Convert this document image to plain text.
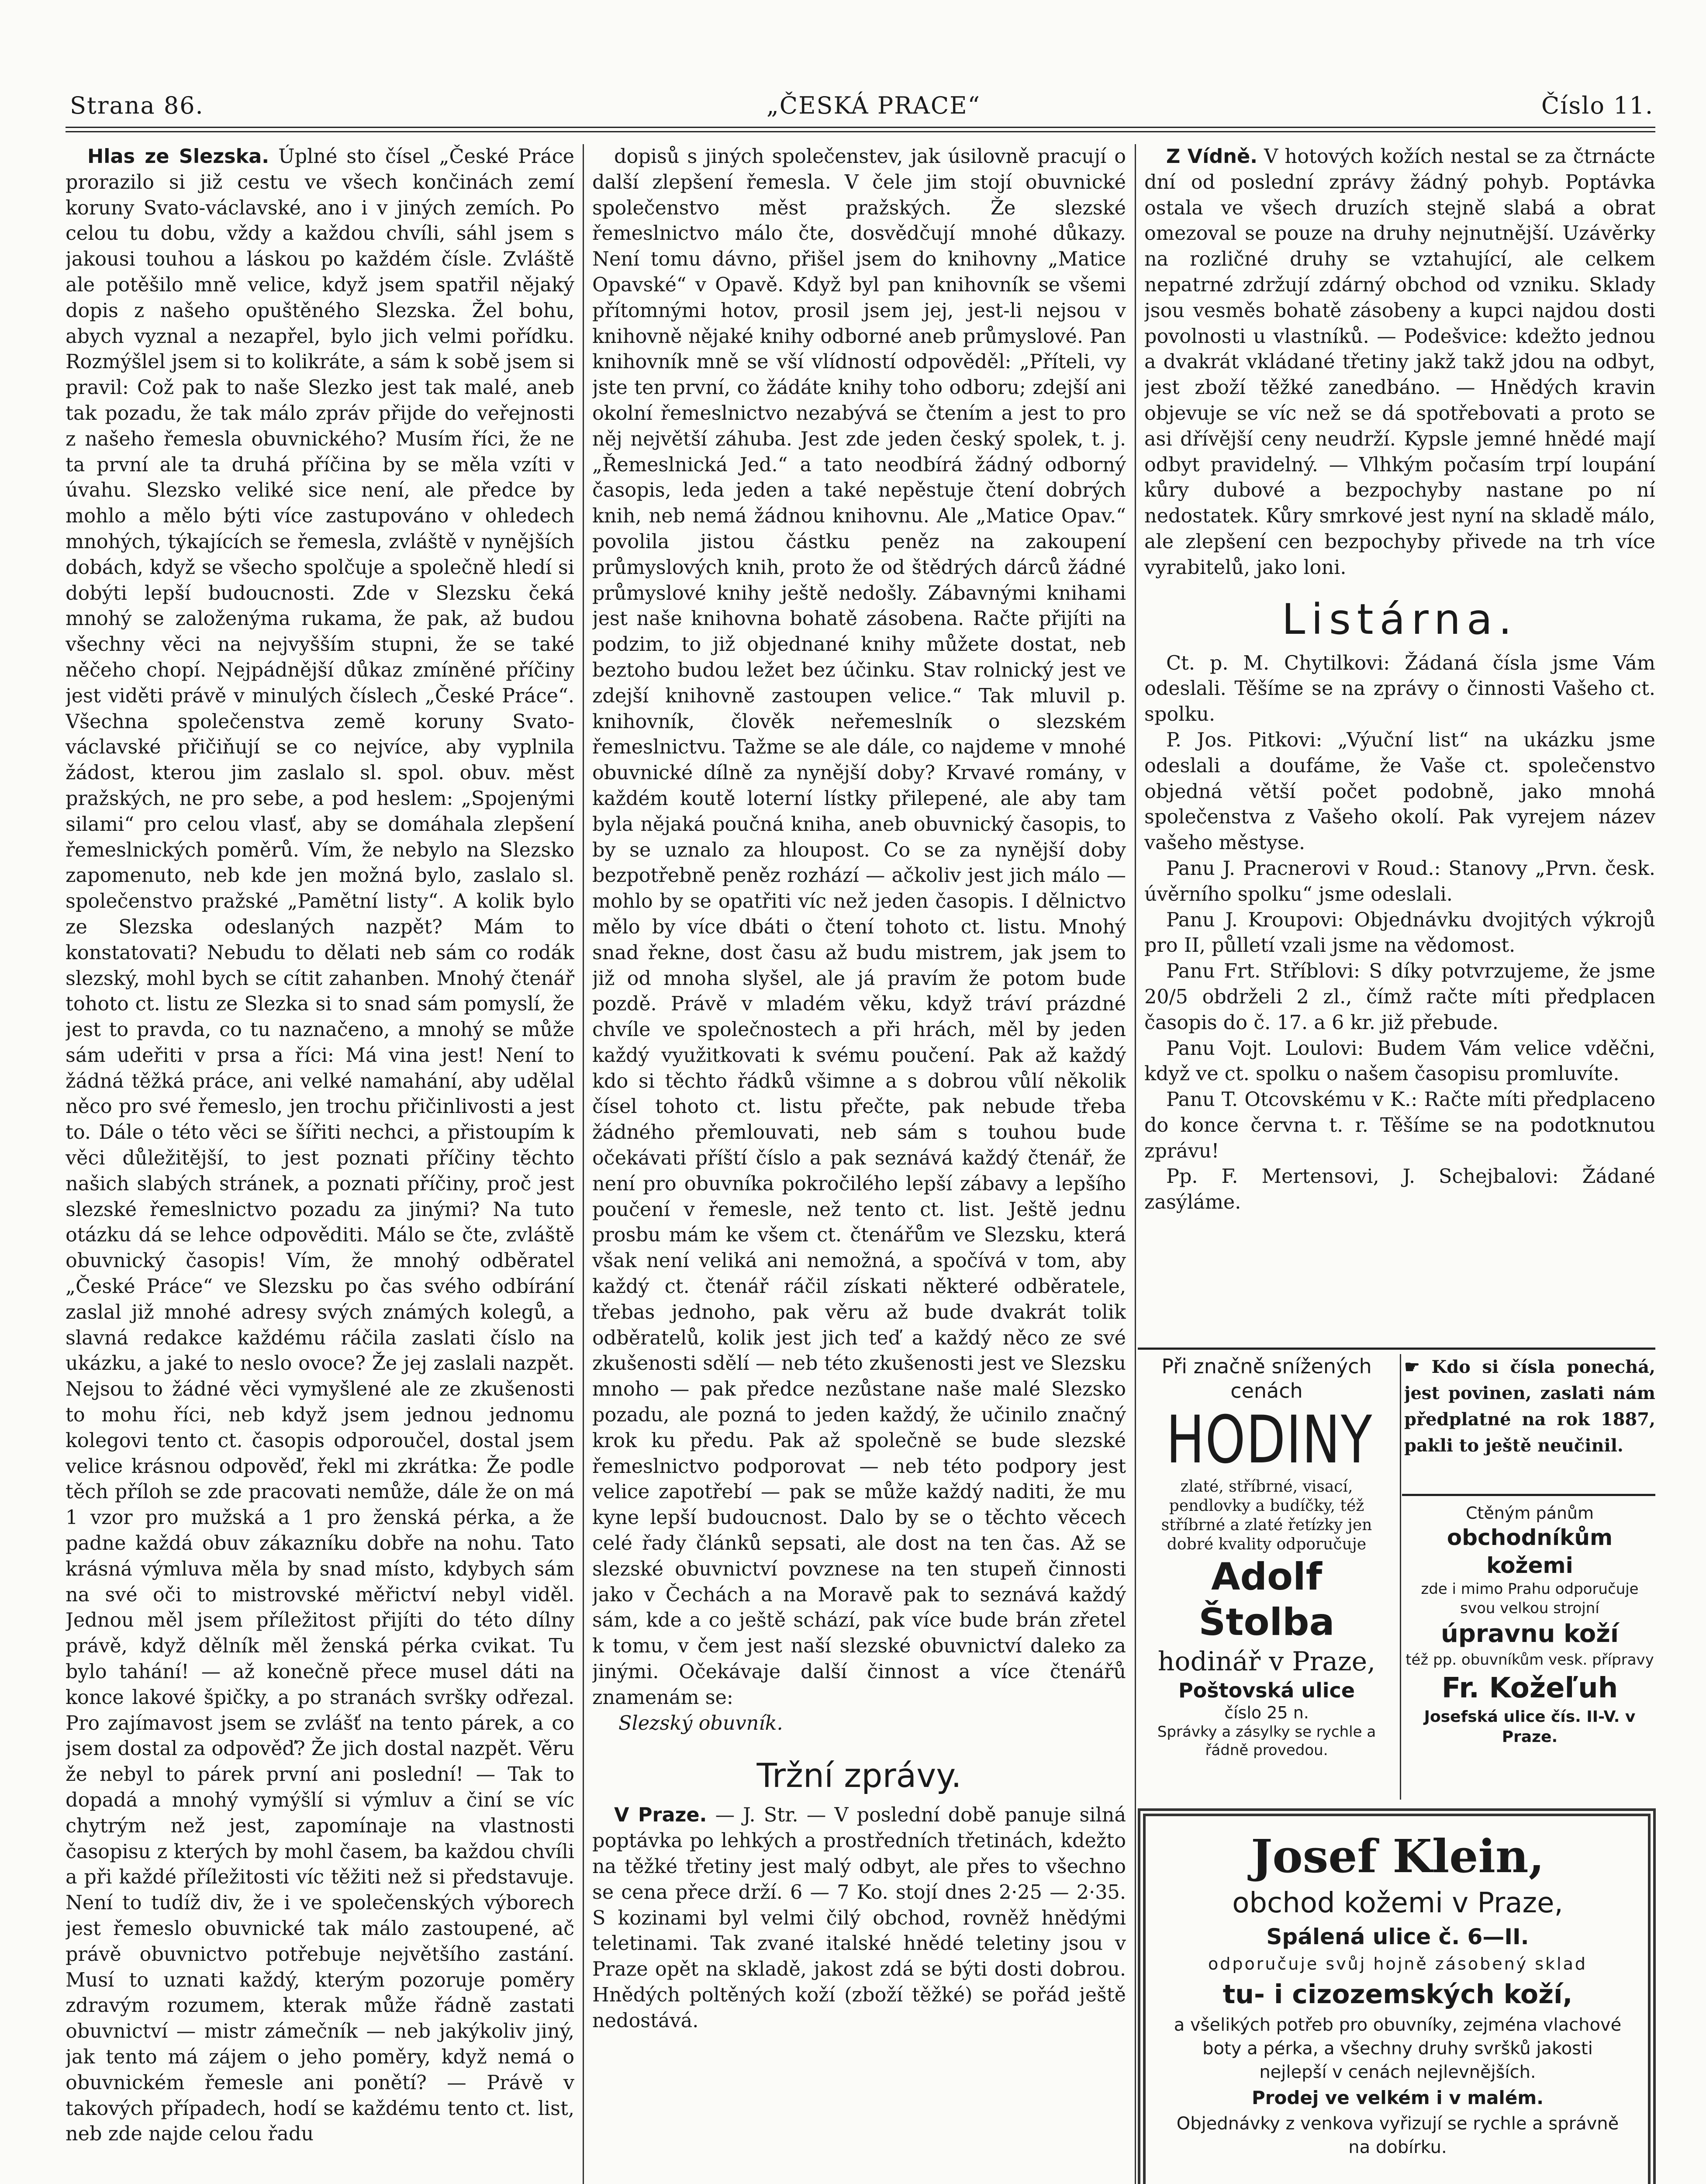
Strana 86.	„ČESKÁ PRACE“	Číslo 11.

Hlas ze Slezska. Úplné sto čísel „České Práce prorazilo si již cestu ve všech končinách zemí koruny Svato-václavské, ano i v jiných zemích. Po celou tu dobu, vždy a každou chvíli, sáhl jsem s jakousi touhou a láskou po každém čísle. Zvláště ale potěšilo mně velice, když jsem spatřil nějaký dopis z našeho opuštěného Slezska. Žel bohu, abych vyznal a nezapřel, bylo jich velmi pořídku. Rozmýšlel jsem si to kolikráte, a sám k sobě jsem si pravil: Což pak to naše Slezko jest tak malé, aneb tak pozadu, že tak málo zpráv přijde do veřejnosti z našeho řemesla obuvnického? Musím říci, že ne ta první ale ta druhá příčina by se měla vzíti v úvahu. Slezsko veliké sice není, ale předce by mohlo a mělo býti více zastupováno v ohledech mnohých, týkajících se řemesla, zvláště v nynějších dobách, když se všecho spolčuje a společně hledí si dobýti lepší budoucnosti. Zde v Slezsku čeká mnohý se založenýma rukama, že pak, až budou všechny věci na nejvyšším stupni, že se také něčeho chopí. Nejpádnější důkaz zmíněné příčiny jest viděti právě v minulých číslech „České Práce“. Všechna společenstva země koruny Svato-václavské přičiňují se co nejvíce, aby vyplnila žádost, kterou jim zaslalo sl. spol. obuv. měst pražských, ne pro sebe, a pod heslem: „Spojenými silami“ pro celou vlasť, aby se domáhala zlepšení řemeslnických poměrů. Vím, že nebylo na Slezsko zapomenuto, neb kde jen možná bylo, zaslalo sl. společenstvo pražské „Pamětní listy“. A kolik bylo ze Slezska odeslaných nazpět? Mám to konstatovati? Nebudu to dělati neb sám co rodák slezský, mohl bych se cítit zahanben. Mnohý čtenář tohoto ct. listu ze Slezka si to snad sám pomyslí, že jest to pravda, co tu naznačeno, a mnohý se může sám udeřiti v prsa a říci: Má vina jest! Není to žádná těžká práce, ani velké namahání, aby udělal něco pro své řemeslo, jen trochu přičinlivosti a jest to. Dále o této věci se šířiti nechci, a přistoupím k věci důležitější, to jest poznati příčiny těchto našich slabých stránek, a poznati příčiny, proč jest slezské řemeslnictvo pozadu za jinými? Na tuto otázku dá se lehce odpověditi. Málo se čte, zvláště obuvnický časopis! Vím, že mnohý odběratel „České Práce“ ve Slezsku po čas svého odbírání zaslal již mnohé adresy svých známých kolegů, a slavná redakce každému ráčila zaslati číslo na ukázku, a jaké to neslo ovoce? Že jej zaslali nazpět. Nejsou to žádné věci vymyšlené ale ze zkušenosti to mohu říci, neb když jsem jednou jednomu kolegovi tento ct. časopis odporoučel, dostal jsem velice krásnou odpověď, řekl mi zkrátka: Že podle těch příloh se zde pracovati nemůže, dále že on má 1 vzor pro mužská a 1 pro ženská pérka, a že padne každá obuv zákazníku dobře na nohu. Tato krásná výmluva měla by snad místo, kdybych sám na své oči to mistrovské měřictví nebyl viděl. Jednou měl jsem příležitost přijíti do této dílny právě, když dělník měl ženská pérka cvikat. Tu bylo tahání! — až konečně přece musel dáti na konce lakové špičky, a po stranách svršky odřezal. Pro zajímavost jsem se zvlášť na tento párek, a co jsem dostal za odpověď? Že jich dostal nazpět. Věru že nebyl to párek první ani poslední! — Tak to dopadá a mnohý vymýšlí si výmluv a činí se víc chytrým než jest, zapomínaje na vlastnosti časopisu z kterých by mohl časem, ba každou chvíli a při každé příležitosti víc těžiti než si představuje. Není to tudíž div, že i ve společenských výborech jest řemeslo obuvnické tak málo zastoupené, ač právě obuvnictvo potřebuje největšího zastání. Musí to uznati každý, kterým pozoruje poměry zdravým rozumem, kterak může řádně zastati obuvnictví — mistr zámečník — neb jakýkoliv jiný, jak tento má zájem o jeho poměry, když nemá o obuvnickém řemesle ani ponětí? — Právě v takových případech, hodí se každému tento ct. list, neb zde najde celou řadu

dopisů s jiných společenstev, jak úsilovně pracují o další zlepšení řemesla. V čele jim stojí obuvnické společenstvo měst pražských. Že slezské řemeslnictvo málo čte, dosvědčují mnohé důkazy. Není tomu dávno, přišel jsem do knihovny „Matice Opavské“ v Opavě. Když byl pan knihovník se všemi přítomnými hotov, prosil jsem jej, jest-li nejsou v knihovně nějaké knihy odborné aneb průmyslové. Pan knihovník mně se vší vlídností odpověděl: „Příteli, vy jste ten první, co žádáte knihy toho odboru; zdejší ani okolní řemeslnictvo nezabývá se čtením a jest to pro něj největší záhuba. Jest zde jeden český spolek, t. j. „Řemeslnická Jed.“ a tato neodbírá žádný odborný časopis, leda jeden a také nepěstuje čtení dobrých knih, neb nemá žádnou knihovnu. Ale „Matice Opav.“ povolila jistou částku peněz na zakoupení průmyslových knih, proto že od štědrých dárců žádné průmyslové knihy ještě nedošly. Zábavnými knihami jest naše knihovna bohatě zásobena. Račte přijíti na podzim, to již objednané knihy můžete dostat, neb beztoho budou ležet bez účinku. Stav rolnický jest ve zdejší knihovně zastoupen velice.“ Tak mluvil p. knihovník, člověk neřemeslník o slezském řemeslnictvu. Tažme se ale dále, co najdeme v mnohé obuvnické dílně za nynější doby? Krvavé romány, v každém koutě loterní lístky přilepené, ale aby tam byla nějaká poučná kniha, aneb obuvnický časopis, to by se uznalo za hloupost. Co se za nynější doby bezpotřebně peněz rozhází — ačkoliv jest jich málo — mohlo by se opatřiti víc než jeden časopis. I dělnictvo mělo by více dbáti o čtení tohoto ct. listu. Mnohý snad řekne, dost času až budu mistrem, jak jsem to již od mnoha slyšel, ale já pravím že potom bude pozdě. Právě v mladém věku, když tráví prázdné chvíle ve společnostech a při hrách, měl by jeden každý využitkovati k svému poučení. Pak až každý kdo si těchto řádků všimne a s dobrou vůlí několik čísel tohoto ct. listu přečte, pak nebude třeba žádného přemlouvati, neb sám s touhou bude očekávati příští číslo a pak seznává každý čtenář, že není pro obuvníka pokročilého lepší zábavy a lepšího poučení v řemesle, než tento ct. list. Ještě jednu prosbu mám ke všem ct. čtenářům ve Slezsku, která však není veliká ani nemožná, a spočívá v tom, aby každý ct. čtenář ráčil získati některé odběratele, třebas jednoho, pak věru až bude dvakrát tolik odběratelů, kolik jest jich teď a každý něco ze své zkušenosti sdělí — neb této zkušenosti jest ve Slezsku mnoho — pak předce nezůstane naše malé Slezsko pozadu, ale pozná to jeden každý, že učinilo značný krok ku předu. Pak až společně se bude slezské řemeslnictvo podporovat — neb této podpory jest velice zapotřebí — pak se může každý naditi, že mu kyne lepší budoucnost. Dalo by se o těchto věcech celé řady článků sepsati, ale dost na ten čas. Až se slezské obuvnictví povznese na ten stupeň činnosti jako v Čechách a na Moravě pak to seznává každý sám, kde a co ještě schází, pak více bude brán zřetel k tomu, v čem jest naší slezské obuvnictví daleko za jinými. Očekávaje další činnost a více čtenářů znamenám se:

Slezský obuvník.
Tržní zprávy.

V Praze. — J. Str. — V poslední době panuje silná poptávka po lehkých a prostředních třetinách, kdežto na těžké třetiny jest malý odbyt, ale přes to všechno se cena přece drží. 6 — 7 Ko. stojí dnes 2·25 — 2·35. S kozinami byl velmi čilý obchod, rovněž hnědými teletinami. Tak zvané italské hnědé teletiny jsou v Praze opět na skladě, jakost zdá se býti dosti dobrou. Hnědých poltěných koží (zboží těžké) se pořád ještě nedostává.

Z Vídně. V hotových kožích nestal se za čtrnácte dní od poslední zprávy žádný pohyb. Poptávka ostala ve všech druzích stejně slabá a obrat omezoval se pouze na druhy nejnutnější. Uzávěrky na rozličné druhy se vztahující, ale celkem nepatrné zdržují zdárný obchod od vzniku. Sklady jsou vesměs bohatě zásobeny a kupci najdou dosti povolnosti u vlastníků. — Podešvice: kdežto jednou a dvakrát vkládané třetiny jakž takž jdou na odbyt, jest zboží těžké zanedbáno. — Hnědých kravin objevuje se víc než se dá spotřebovati a proto se asi dřívější ceny neudrží. Kypsle jemné hnědé mají odbyt pravidelný. — Vlhkým počasím trpí loupání kůry dubové a bezpochyby nastane po ní nedostatek. Kůry smrkové jest nyní na skladě málo, ale zlepšení cen bezpochyby přivede na trh více vyrabitelů, jako loni.

Listárna.

Ct. p. M. Chytilkovi: Žádaná čísla jsme Vám odeslali. Těšíme se na zprávy o činnosti Vašeho ct. spolku.

P. Jos. Pitkovi: „Výuční list“ na ukázku jsme odeslali a doufáme, že Vaše ct. společenstvo objedná větší počet podobně, jako mnohá společenstva z Vašeho okolí. Pak vyrejem název vašeho městyse.

Panu J. Pracnerovi v Roud.: Stanovy „Prvn. česk. úvěrního spolku“ jsme odeslali.

Panu J. Kroupovi: Objednávku dvojitých výkrojů pro II, půlletí vzali jsme na vědomost.

Panu Frt. Stříblovi: S díky potvrzujeme, že jsme 20/5 obdrželi 2 zl., čímž račte míti předplacen časopis do č. 17. a 6 kr. již přebude.

Panu Vojt. Loulovi: Budem Vám velice vděčni, když ve ct. spolku o našem časopisu promluvíte.

Panu T. Otcovskému v K.: Račte míti předplaceno do konce června t. r. Těšíme se na podotknutou zprávu!

Pp. F. Mertensovi, J. Schejbalovi: Žádané zasýláme.

Při značně snížených cenách
HODINY
zlaté, stříbrné, visací, pendlovky a budíčky, též stříbrné a zlaté řetízky jen dobré kvality odporučuje
Adolf Štolba
hodinář v Praze,
Poštovská ulice
číslo 25 n.
Správky a zásylky se rychle a řádně provedou.
☛ Kdo si čísla ponechá, jest povinen, zaslati nám předplatné na rok 1887, pakli to ještě neučinil.
Ctěným pánům
obchodníkům kožemi
zde i mimo Prahu odporučuje svou velkou strojní
úpravnu koží
též pp. obuvníkům vesk. přípravy
Fr. Kožeľuh
Josefská ulice čís. II-V. v Praze.
Josef Klein,
obchod kožemi v Praze,
Spálená ulice č. 6—II.
odporučuje svůj hojně zásobený sklad
tu- i cizozemských koží,
a všelikých potřeb pro obuvníky, zejména vlachové boty a pérka, a všechny druhy svršků jakosti nejlepší v cenách nejlevnějších.
Prodej ve velkém i v malém.
Objednávky z venkova vyřizují se rychle a správně na dobírku.
